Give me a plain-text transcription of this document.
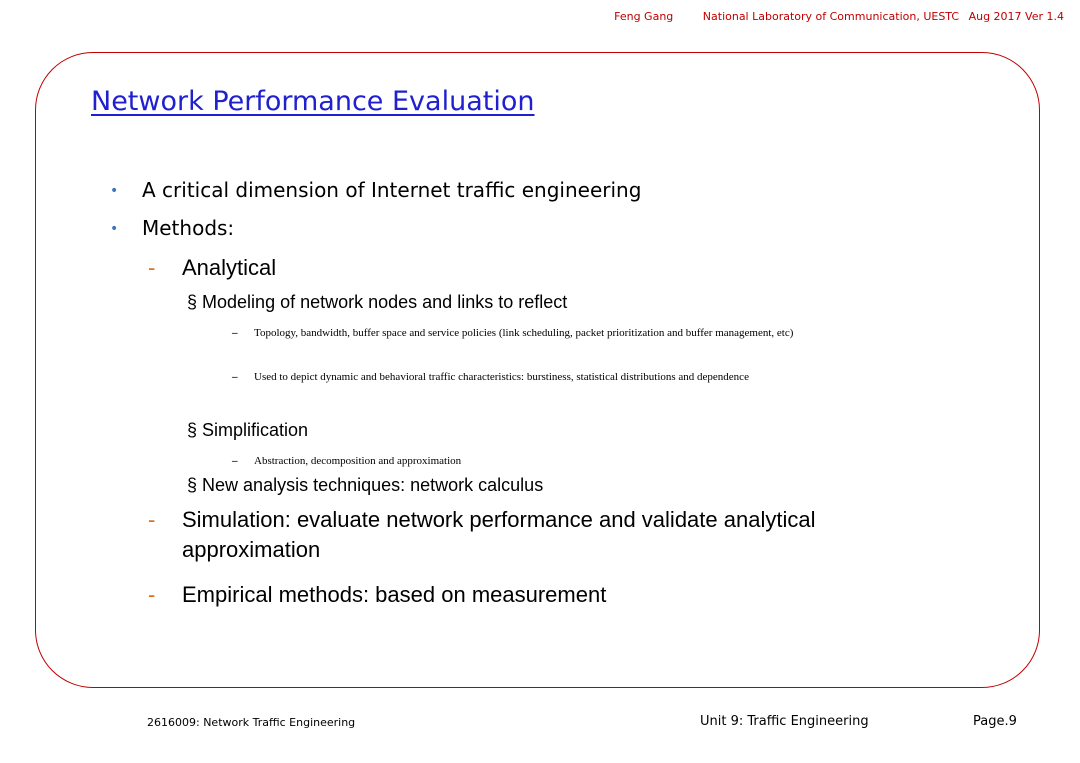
Feng Gang	National Laboratory of Communication, UESTC Aug 2017 Ver 1.4
Network Performance Evaluation
• A critical dimension of Internet traffic engineering
• Methods:
- Analytical
§ Modeling of network nodes and links to reflect
– Topology, bandwidth, buffer space and service policies (link scheduling, packet prioritization and buffer management, etc)
– Used to depict dynamic and behavioral traffic characteristics: burstiness, statistical distributions and dependence
§ Simplification
– Abstraction, decomposition and approximation
§ New analysis techniques: network calculus
- Simulation: evaluate network performance and validate analytical approximation
- Empirical methods: based on measurement
2616009: Network Traffic Engineering	Unit 9: Traffic Engineering	Page.9
